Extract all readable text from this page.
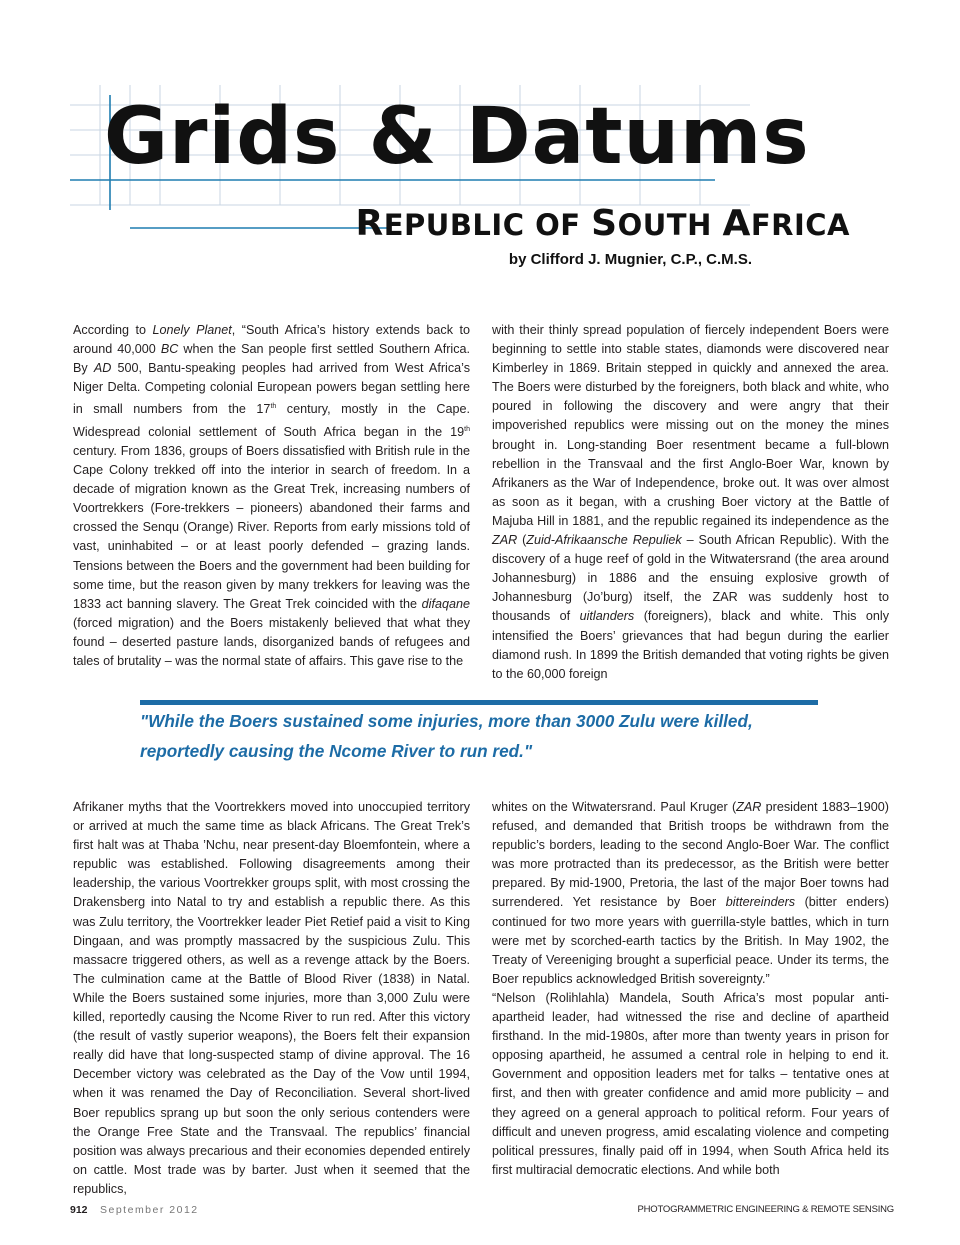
Grids & Datums
REPUBLIC OF SOUTH AFRICA

by Clifford J. Mugnier, C.P., C.M.S.

According to Lonely Planet, “South Africa’s history extends back to around 40,000 BC when the San people first settled Southern Africa. By AD 500, Bantu-speaking peoples had arrived from West Africa’s Niger Delta. Competing colonial European powers began settling here in small numbers from the 17th century, mostly in the Cape. Widespread colonial settlement of South Africa began in the 19th century. From 1836, groups of Boers dissatisfied with British rule in the Cape Colony trekked off into the interior in search of freedom. In a decade of migration known as the Great Trek, increasing numbers of Voortrekkers (Fore-trekkers – pioneers) abandoned their farms and crossed the Senqu (Orange) River. Reports from early missions told of vast, uninhabited – or at least poorly defended – grazing lands. Tensions between the Boers and the government had been building for some time, but the reason given by many trekkers for leaving was the 1833 act banning slavery. The Great Trek coincided with the difaqane (forced migration) and the Boers mistakenly believed that what they found – deserted pasture lands, disorganized bands of refugees and tales of brutality – was the normal state of affairs. This gave rise to the

with their thinly spread population of fiercely independent Boers were beginning to settle into stable states, diamonds were discovered near Kimberley in 1869. Britain stepped in quickly and annexed the area. The Boers were disturbed by the foreigners, both black and white, who poured in following the discovery and were angry that their impoverished republics were missing out on the money the mines brought in. Long-standing Boer resentment became a full-blown rebellion in the Transvaal and the first Anglo-Boer War, known by Afrikaners as the War of Independence, broke out. It was over almost as soon as it began, with a crushing Boer victory at the Battle of Majuba Hill in 1881, and the republic regained its independence as the ZAR (Zuid-Afrikaansche Repuliek – South African Republic). With the discovery of a huge reef of gold in the Witwatersrand (the area around Johannesburg) in 1886 and the ensuing explosive growth of Johannesburg (Jo’burg) itself, the ZAR was suddenly host to thousands of uitlanders (foreigners), black and white. This only intensified the Boers’ grievances that had begun during the earlier diamond rush. In 1899 the British demanded that voting rights be given to the 60,000 foreign

"While the Boers sustained some injuries, more than 3000 Zulu were killed,
reportedly causing the Ncome River to run red."

Afrikaner myths that the Voortrekkers moved into unoccupied territory or arrived at much the same time as black Africans. The Great Trek’s first halt was at Thaba ’Nchu, near present-day Bloemfontein, where a republic was established. Following disagreements among their leadership, the various Voortrekker groups split, with most crossing the Drakensberg into Natal to try and establish a republic there. As this was Zulu territory, the Voortrekker leader Piet Retief paid a visit to King Dingaan, and was promptly massacred by the suspicious Zulu. This massacre triggered others, as well as a revenge attack by the Boers. The culmination came at the Battle of Blood River (1838) in Natal. While the Boers sustained some injuries, more than 3,000 Zulu were killed, reportedly causing the Ncome River to run red. After this victory (the result of vastly superior weapons), the Boers felt their expansion really did have that long-suspected stamp of divine approval. The 16 December victory was celebrated as the Day of the Vow until 1994, when it was renamed the Day of Reconciliation. Several short-lived Boer republics sprang up but soon the only serious contenders were the Orange Free State and the Transvaal. The republics’ financial position was always precarious and their economies depended entirely on cattle. Most trade was by barter. Just when it seemed that the republics,

whites on the Witwatersrand. Paul Kruger (ZAR president 1883–1900) refused, and demanded that British troops be withdrawn from the republic’s borders, leading to the second Anglo-Boer War. The conflict was more protracted than its predecessor, as the British were better prepared. By mid-1900, Pretoria, the last of the major Boer towns had surrendered. Yet resistance by Boer bittereinders (bitter enders) continued for two more years with guerrilla-style battles, which in turn were met by scorched-earth tactics by the British. In May 1902, the Treaty of Vereeniging brought a superficial peace. Under its terms, the Boer republics acknowledged British sovereignty.”

“Nelson (Rolihlahla) Mandela, South Africa’s most popular anti-apartheid leader, had witnessed the rise and decline of apartheid firsthand. In the mid-1980s, after more than twenty years in prison for opposing apartheid, he assumed a central role in helping to end it. Government and opposition leaders met for talks – tentative ones at first, and then with greater confidence and amid more publicity – and they agreed on a general approach to political reform. Four years of difficult and uneven progress, amid escalating violence and competing political pressures, finally paid off in 1994, when South Africa held its first multiracial democratic elections. And while both

912 September 2012	PHOTOGRAMMETRIC ENGINEERING & REMOTE SENSING
